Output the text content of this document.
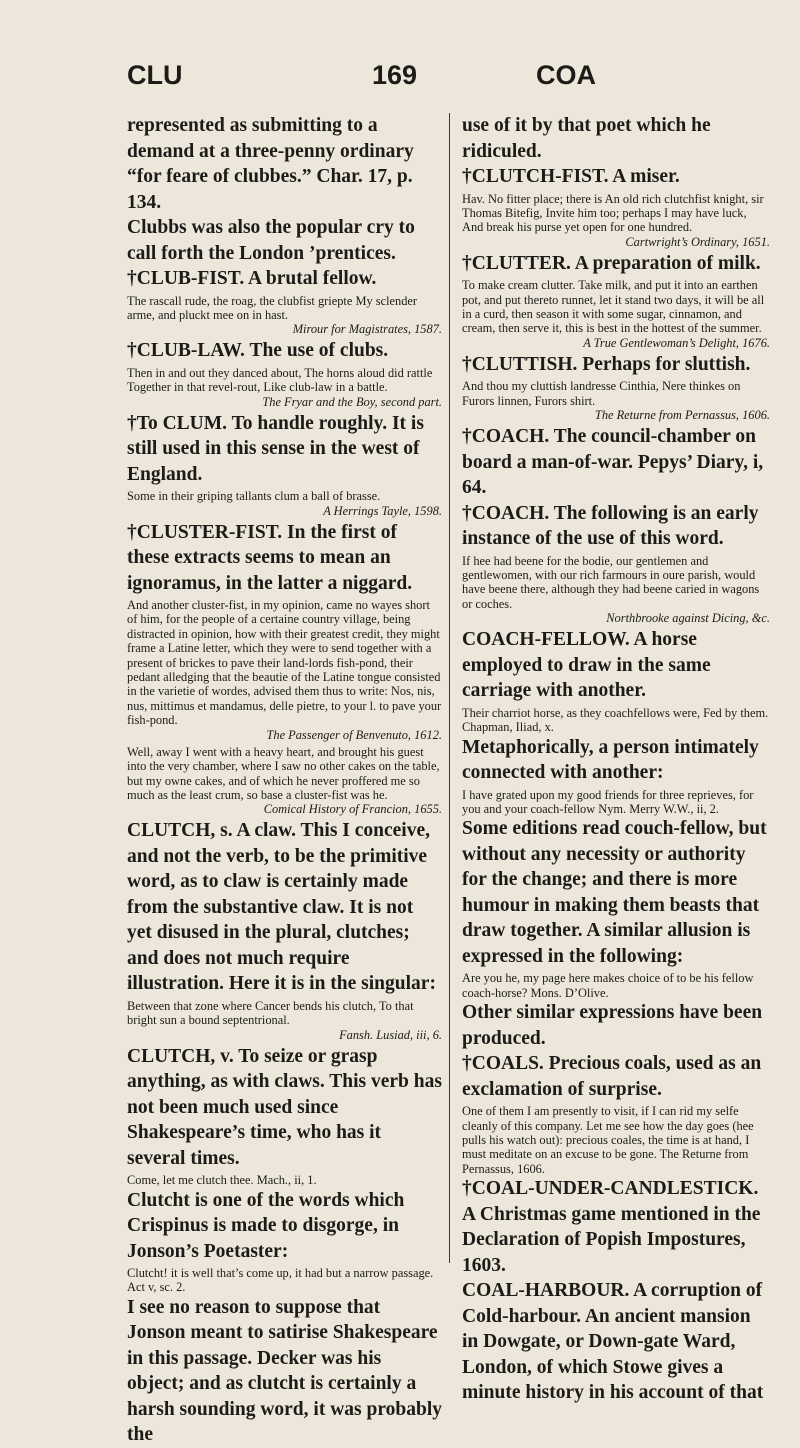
CLU	169	COA

represented as submitting to a demand at a three-penny ordinary “for feare of clubbes.” Char. 17, p. 134.

Clubbs was also the popular cry to call forth the London ’prentices.

†CLUB-FIST. A brutal fellow.

The rascall rude, the roag, the clubfist griepte My sclender arme, and pluckt mee on in hast.

Mirour for Magistrates, 1587.

†CLUB-LAW. The use of clubs.

Then in and out they danced about, The horns aloud did rattle Together in that revel-rout, Like club-law in a battle.

The Fryar and the Boy, second part.

†To CLUM. To handle roughly. It is still used in this sense in the west of England.

Some in their griping tallants clum a ball of brasse.

A Herrings Tayle, 1598.

†CLUSTER-FIST. In the first of these extracts seems to mean an ignoramus, in the latter a niggard.

And another cluster-fist, in my opinion, came no wayes short of him, for the people of a certaine country village, being distracted in opinion, how with their greatest credit, they might frame a Latine letter, which they were to send together with a present of brickes to pave their land-lords fish-pond, their pedant alledging that the beautie of the Latine tongue consisted in the varietie of wordes, advised them thus to write: Nos, nis, nus, mittimus et mandamus, delle pietre, to your l. to pave your fish-pond.

The Passenger of Benvenuto, 1612.

Well, away I went with a heavy heart, and brought his guest into the very chamber, where I saw no other cakes on the table, but my owne cakes, and of which he never proffered me so much as the least crum, so base a cluster-fist was he.

Comical History of Francion, 1655.

CLUTCH, s. A claw. This I conceive, and not the verb, to be the primitive word, as to claw is certainly made from the substantive claw. It is not yet disused in the plural, clutches; and does not much require illustration. Here it is in the singular:

Between that zone where Cancer bends his clutch, To that bright sun a bound septentrional.

Fansh. Lusiad, iii, 6.

CLUTCH, v. To seize or grasp anything, as with claws. This verb has not been much used since Shakespeare’s time, who has it several times.

Come, let me clutch thee. Mach., ii, 1.

Clutcht is one of the words which Crispinus is made to disgorge, in Jonson’s Poetaster:

Clutcht! it is well that’s come up, it had but a narrow passage. Act v, sc. 2.

I see no reason to suppose that Jonson meant to satirise Shakespeare in this passage. Decker was his object; and as clutcht is certainly a harsh sounding word, it was probably the

use of it by that poet which he ridiculed.

†CLUTCH-FIST. A miser.

Hav. No fitter place; there is An old rich clutchfist knight, sir Thomas Bitefig, Invite him too; perhaps I may have luck, And break his purse yet open for one hundred.

Cartwright’s Ordinary, 1651.

†CLUTTER. A preparation of milk.

To make cream clutter. Take milk, and put it into an earthen pot, and put thereto runnet, let it stand two days, it will be all in a curd, then season it with some sugar, cinnamon, and cream, then serve it, this is best in the hottest of the summer.

A True Gentlewoman’s Delight, 1676.

†CLUTTISH. Perhaps for sluttish.

And thou my cluttish landresse Cinthia, Nere thinkes on Furors linnen, Furors shirt.

The Returne from Pernassus, 1606.

†COACH. The council-chamber on board a man-of-war. Pepys’ Diary, i, 64.

†COACH. The following is an early instance of the use of this word.

If hee had beene for the bodie, our gentlemen and gentlewomen, with our rich farmours in oure parish, would have beene there, although they had beene caried in wagons or coches.

Northbrooke against Dicing, &c.

COACH-FELLOW. A horse employed to draw in the same carriage with another.

Their charriot horse, as they coachfellows were, Fed by them. Chapman, Iliad, x.

Metaphorically, a person intimately connected with another:

I have grated upon my good friends for three reprieves, for you and your coach-fellow Nym. Merry W.W., ii, 2.

Some editions read couch-fellow, but without any necessity or authority for the change; and there is more humour in making them beasts that draw together. A similar allusion is expressed in the following:

Are you he, my page here makes choice of to be his fellow coach-horse? Mons. D’Olive.

Other similar expressions have been produced.

†COALS. Precious coals, used as an exclamation of surprise.

One of them I am presently to visit, if I can rid my selfe cleanly of this company. Let me see how the day goes (hee pulls his watch out): precious coales, the time is at hand, I must meditate on an excuse to be gone. The Returne from Pernassus, 1606.

†COAL-UNDER-CANDLESTICK. A Christmas game mentioned in the Declaration of Popish Impostures, 1603.

COAL-HARBOUR. A corruption of Cold-harbour. An ancient mansion in Dowgate, or Down-gate Ward, London, of which Stowe gives a minute history in his account of that
